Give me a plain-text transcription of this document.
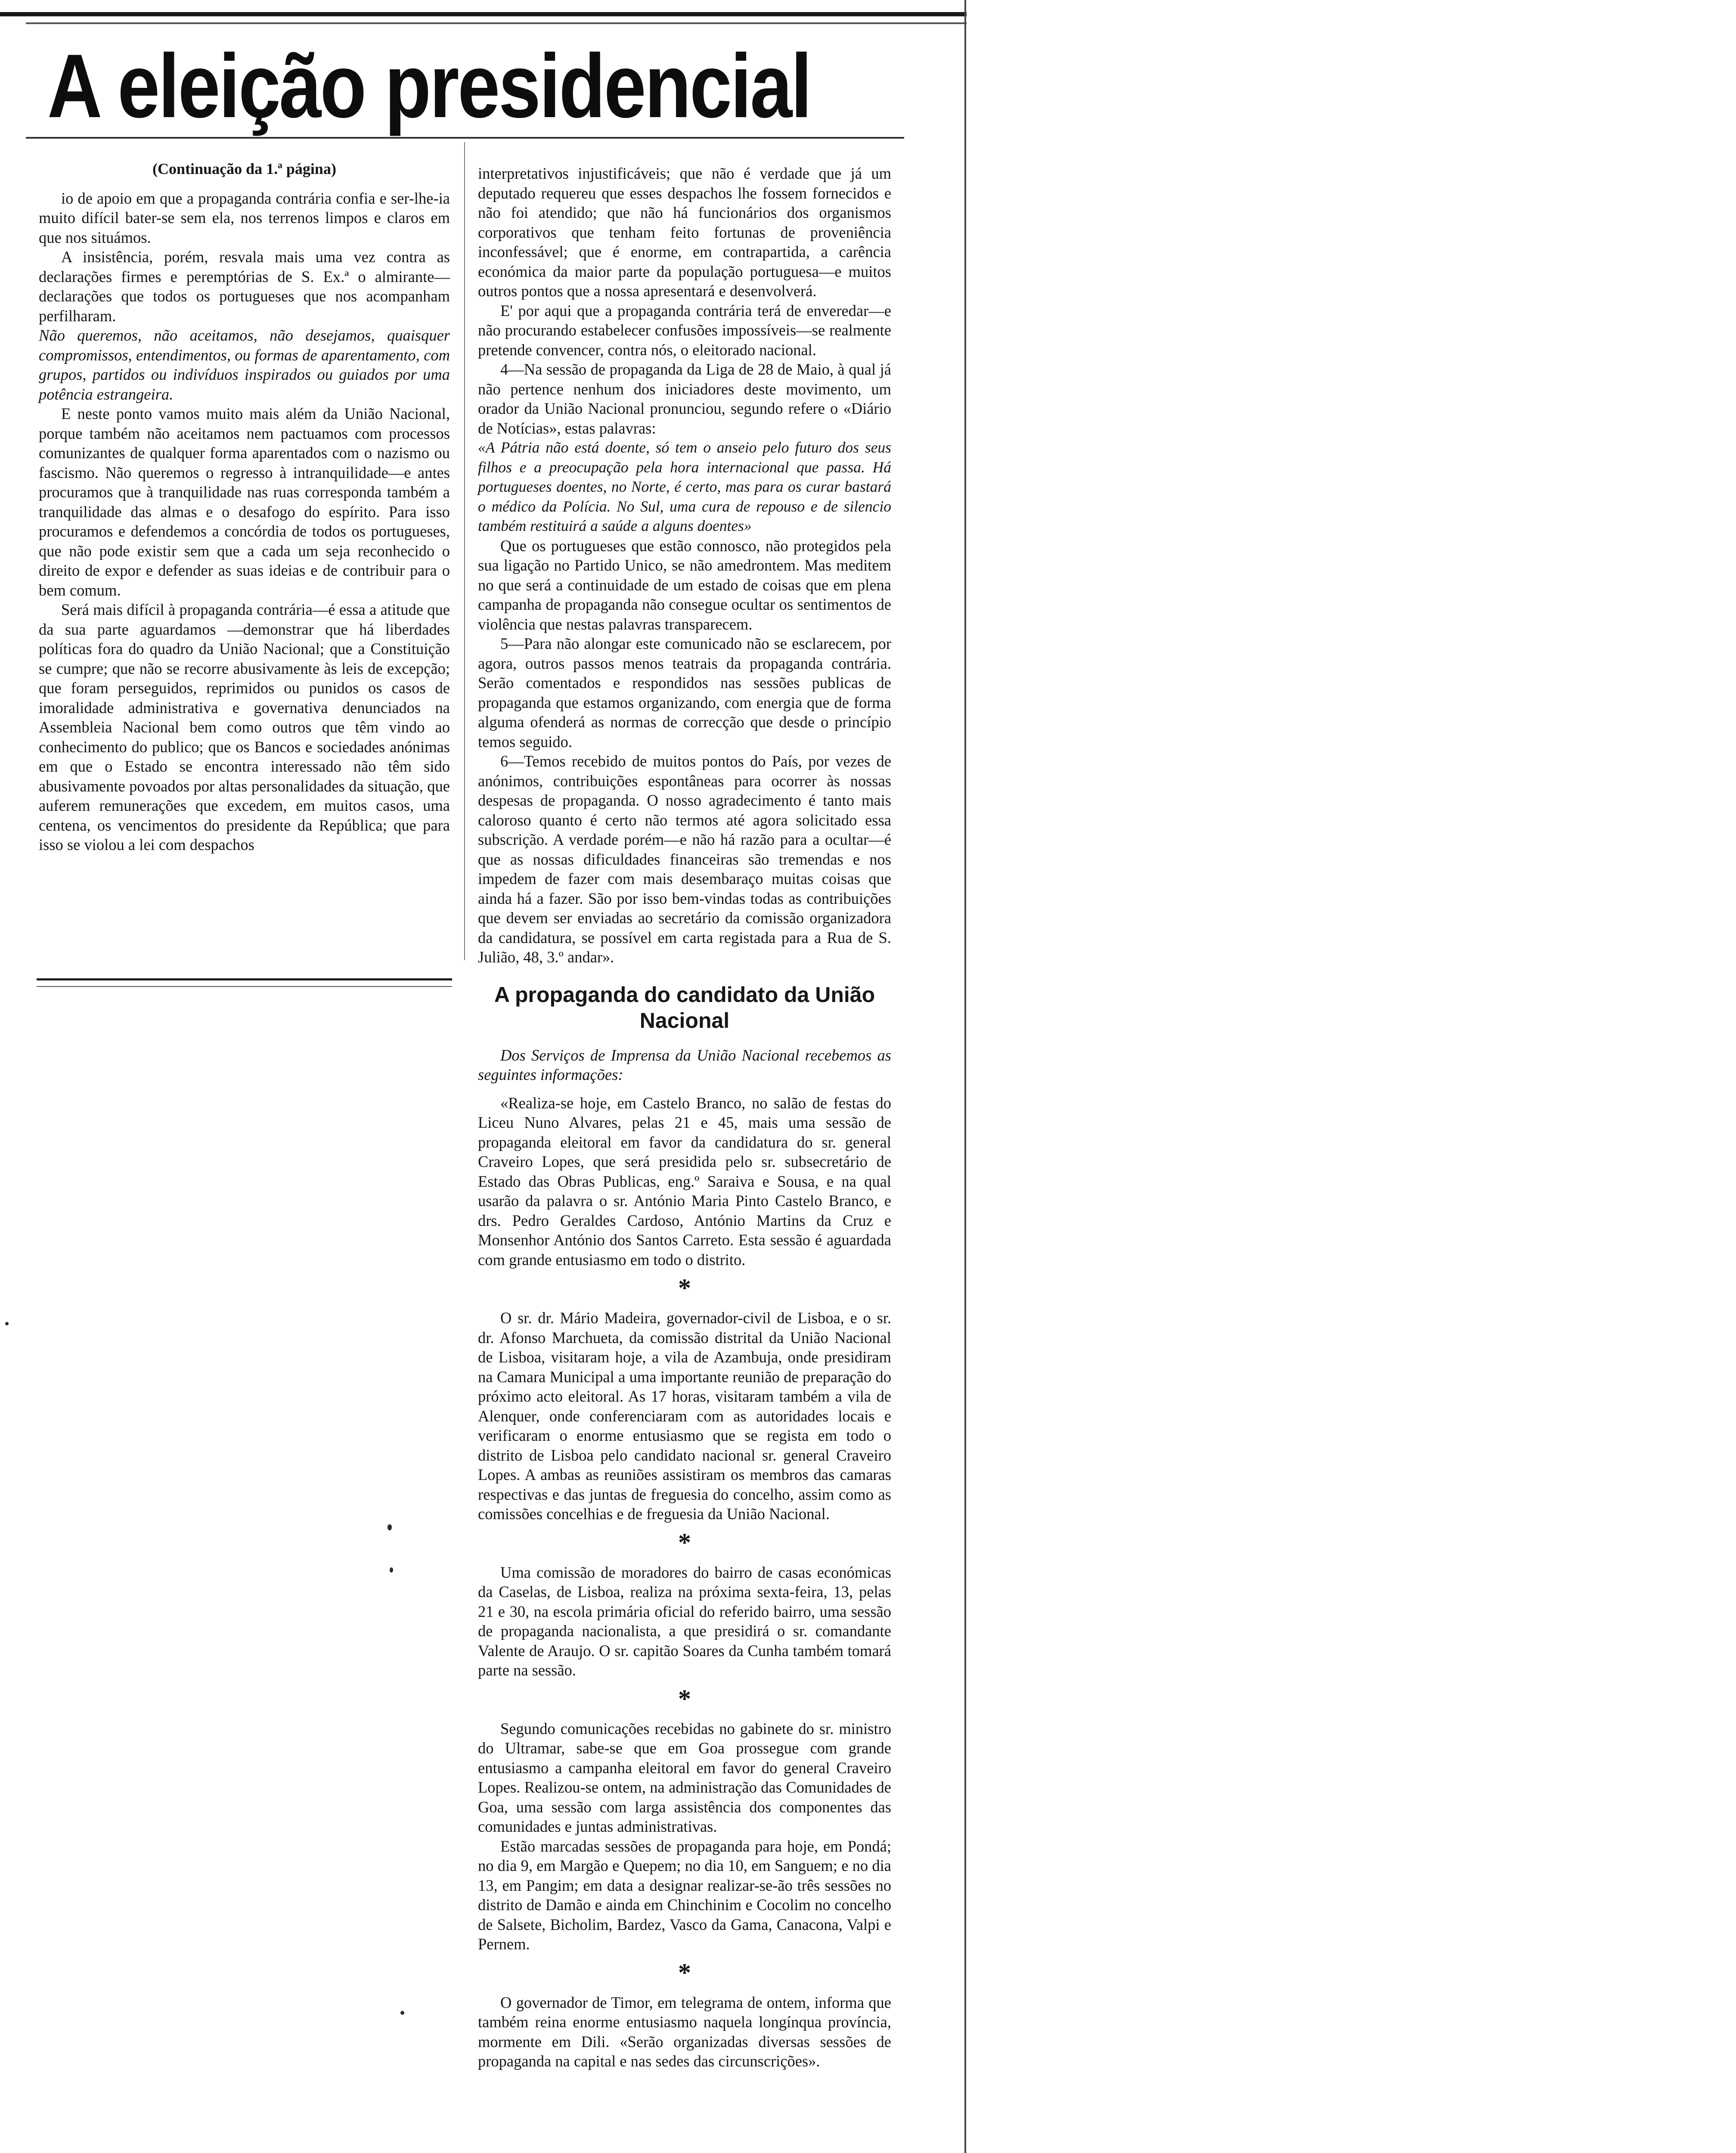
A eleição presidencial

(Continuação da 1.ª página)

io de apoio em que a propaganda contrária confia e ser-lhe-ia muito difícil bater-se sem ela, nos terrenos limpos e claros em que nos situámos.

A insistência, porém, resvala mais uma vez contra as declarações firmes e peremptórias de S. Ex.ª o almirante—declarações que todos os portugueses que nos acompanham perfilharam.

Não queremos, não aceitamos, não desejamos, quaisquer compromissos, entendimentos, ou formas de aparentamento, com grupos, partidos ou indivíduos inspirados ou guiados por uma potência estrangeira.

E neste ponto vamos muito mais além da União Nacional, porque também não aceitamos nem pactuamos com processos comunizantes de qualquer forma aparentados com o nazismo ou fascismo. Não queremos o regresso à intranquilidade—e antes procuramos que à tranquilidade nas ruas corresponda também a tranquilidade das almas e o desafogo do espírito. Para isso procuramos e defendemos a concórdia de todos os portugueses, que não pode existir sem que a cada um seja reconhecido o direito de expor e defender as suas ideias e de contribuir para o bem comum.

Será mais difícil à propaganda contrária—é essa a atitude que da sua parte aguardamos —demonstrar que há liberdades políticas fora do quadro da União Nacional; que a Constituição se cumpre; que não se recorre abusivamente às leis de excepção; que foram perseguidos, reprimidos ou punidos os casos de imoralidade administrativa e governativa denunciados na Assembleia Nacional bem como outros que têm vindo ao conhecimento do publico; que os Bancos e sociedades anónimas em que o Estado se encontra interessado não têm sido abusivamente povoados por altas personalidades da situação, que auferem remunerações que excedem, em muitos casos, uma centena, os vencimentos do presidente da República; que para isso se violou a lei com despachos

interpretativos injustificáveis; que não é verdade que já um deputado requereu que esses despachos lhe fossem fornecidos e não foi atendido; que não há funcionários dos organismos corporativos que tenham feito fortunas de proveniência inconfessável; que é enorme, em contrapartida, a carência económica da maior parte da população portuguesa—e muitos outros pontos que a nossa apresentará e desenvolverá.

E' por aqui que a propaganda contrária terá de enveredar—e não procurando estabelecer confusões impossíveis—se realmente pretende convencer, contra nós, o eleitorado nacional.

4—Na sessão de propaganda da Liga de 28 de Maio, à qual já não pertence nenhum dos iniciadores deste movimento, um orador da União Nacional pronunciou, segundo refere o «Diário de Notícias», estas palavras:

«A Pátria não está doente, só tem o anseio pelo futuro dos seus filhos e a preocupação pela hora internacional que passa. Há portugueses doentes, no Norte, é certo, mas para os curar bastará o médico da Polícia. No Sul, uma cura de repouso e de silencio também restituirá a saúde a alguns doentes»

Que os portugueses que estão connosco, não protegidos pela sua ligação no Partido Unico, se não amedrontem. Mas meditem no que será a continuidade de um estado de coisas que em plena campanha de propaganda não consegue ocultar os sentimentos de violência que nestas palavras transparecem.

5—Para não alongar este comunicado não se esclarecem, por agora, outros passos menos teatrais da propaganda contrária. Serão comentados e respondidos nas sessões publicas de propaganda que estamos organizando, com energia que de forma alguma ofenderá as normas de correcção que desde o princípio temos seguido.

6—Temos recebido de muitos pontos do País, por vezes de anónimos, contribuições espontâneas para ocorrer às nossas despesas de propaganda. O nosso agradecimento é tanto mais caloroso quanto é certo não termos até agora solicitado essa subscrição. A verdade porém—e não há razão para a ocultar—é que as nossas dificuldades financeiras são tremendas e nos impedem de fazer com mais desembaraço muitas coisas que ainda há a fazer. São por isso bem-vindas todas as contribuições que devem ser enviadas ao secretário da comissão organizadora da candidatura, se possível em carta registada para a Rua de S. Julião, 48, 3.º andar».

A propaganda do candidato da União Nacional

Dos Serviços de Imprensa da União Nacional recebemos as seguintes informações:

«Realiza-se hoje, em Castelo Branco, no salão de festas do Liceu Nuno Alvares, pelas 21 e 45, mais uma sessão de propaganda eleitoral em favor da candidatura do sr. general Craveiro Lopes, que será presidida pelo sr. subsecretário de Estado das Obras Publicas, eng.º Saraiva e Sousa, e na qual usarão da palavra o sr. António Maria Pinto Castelo Branco, e drs. Pedro Geraldes Cardoso, António Martins da Cruz e Monsenhor António dos Santos Carreto. Esta sessão é aguardada com grande entusiasmo em todo o distrito.

*

O sr. dr. Mário Madeira, governador-civil de Lisboa, e o sr. dr. Afonso Marchueta, da comissão distrital da União Nacional de Lisboa, visitaram hoje, a vila de Azambuja, onde presidiram na Camara Municipal a uma importante reunião de preparação do próximo acto eleitoral. As 17 horas, visitaram também a vila de Alenquer, onde conferenciaram com as autoridades locais e verificaram o enorme entusiasmo que se regista em todo o distrito de Lisboa pelo candidato nacional sr. general Craveiro Lopes. A ambas as reuniões assistiram os membros das camaras respectivas e das juntas de freguesia do concelho, assim como as comissões concelhias e de freguesia da União Nacional.

*

Uma comissão de moradores do bairro de casas económicas da Caselas, de Lisboa, realiza na próxima sexta-feira, 13, pelas 21 e 30, na escola primária oficial do referido bairro, uma sessão de propaganda nacionalista, a que presidirá o sr. comandante Valente de Araujo. O sr. capitão Soares da Cunha também tomará parte na sessão.

*

Segundo comunicações recebidas no gabinete do sr. ministro do Ultramar, sabe-se que em Goa prossegue com grande entusiasmo a campanha eleitoral em favor do general Craveiro Lopes. Realizou-se ontem, na administração das Comunidades de Goa, uma sessão com larga assistência dos componentes das comunidades e juntas administrativas.

Estão marcadas sessões de propaganda para hoje, em Pondá; no dia 9, em Margão e Quepem; no dia 10, em Sanguem; e no dia 13, em Pangim; em data a designar realizar-se-ão três sessões no distrito de Damão e ainda em Chinchinim e Cocolim no concelho de Salsete, Bicholim, Bardez, Vasco da Gama, Canacona, Valpi e Pernem.

*

O governador de Timor, em telegrama de ontem, informa que também reina enorme entusiasmo naquela longínqua província, mormente em Dili. «Serão organizadas diversas sessões de propaganda na capital e nas sedes das circunscrições».
